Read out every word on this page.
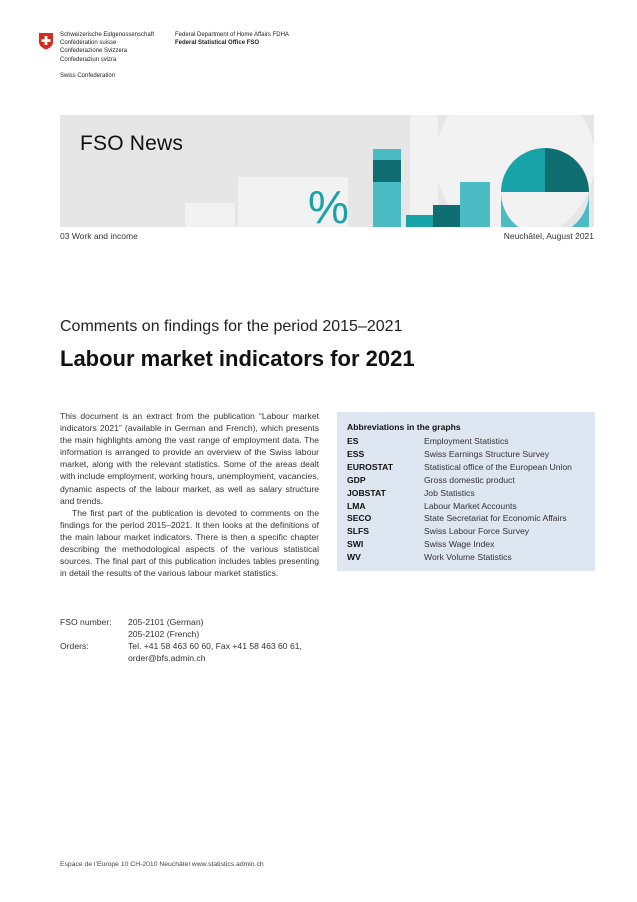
Schweizerische Eidgenossenschaft
Confédération suisse
Confederazione Svizzera
Confederaziun svizra
Swiss Confederation
Federal Department of Home Affairs FDHA
Federal Statistical Office FSO
%
FSO News
03 Work and income	Neuchâtel, August 2021
Comments on findings for the period 2015–2021
Labour market indicators for 2021

This document is an extract from the publication “Labour market indicators 2021” (available in German and French), which presents the main highlights among the vast range of employment data. The information is arranged to provide an overview of the Swiss labour market, along with the relevant statistics. Some of the areas dealt with include employment, working hours, unemployment, vacancies, dynamic aspects of the labour market, as well as salary structure and trends.

The first part of the publication is devoted to comments on the findings for the period 2015–2021. It then looks at the definitions of the main labour market indicators. There is then a specific chapter describing the methodological aspects of the various statistical sources. The final part of this publication includes tables presenting in detail the results of the various labour market statistics.

FSO number:	205-2101 (German)
205-2102 (French)
Orders:	Tel. +41 58 463 60 60, Fax +41 58 463 60 61,
order@bfs.admin.ch
Abbreviations in the graphs
ES	Employment Statistics
ESS	Swiss Earnings Structure Survey
EUROSTAT	Statistical office of the European Union
GDP	Gross domestic product
JOBSTAT	Job Statistics
LMA	Labour Market Accounts
SECO	State Secretariat for Economic Affairs
SLFS	Swiss Labour Force Survey
SWI	Swiss Wage Index
WV	Work Volume Statistics
Espace de l’Europe 10 CH-2010 Neuchâtel www.statistics.admin.ch
